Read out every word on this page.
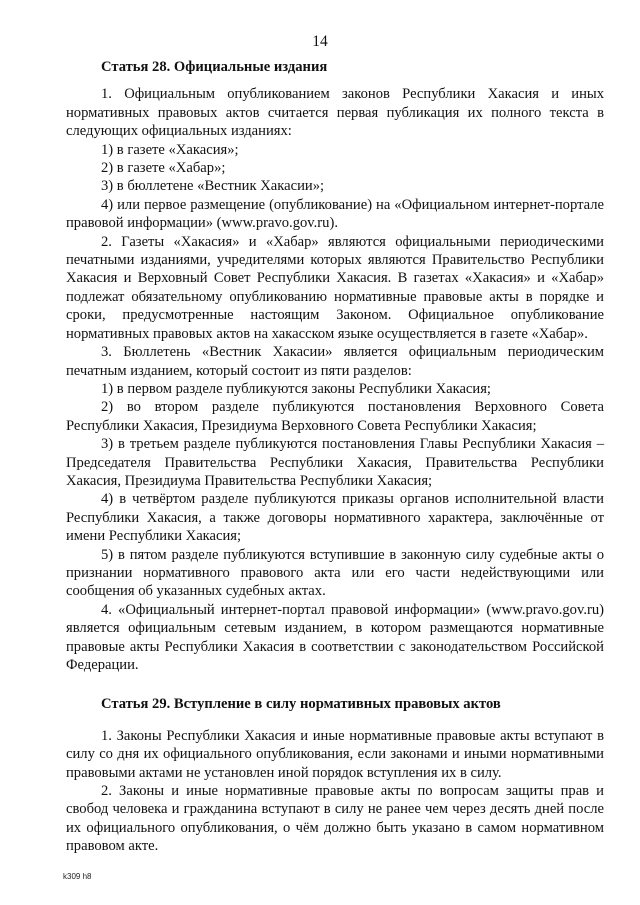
14
Статья 28. Официальные издания

1. Официальным опубликованием законов Республики Хакасия и иных нормативных правовых актов считается первая публикация их полного текста в следующих официальных изданиях:

1) в газете «Хакасия»;

2) в газете «Хабар»;

3) в бюллетене «Вестник Хакасии»;

4) или первое размещение (опубликование) на «Официальном интернет-портале правовой информации» (www.pravo.gov.ru).

2. Газеты «Хакасия» и «Хабар» являются официальными периодическими печатными изданиями, учредителями которых являются Правительство Республики Хакасия и Верховный Совет Республики Хакасия. В газетах «Хакасия» и «Хабар» подлежат обязательному опубликованию нормативные правовые акты в порядке и сроки, предусмотренные настоящим Законом. Официальное опубликование нормативных правовых актов на хакасском языке осуществляется в газете «Хабар».

3. Бюллетень «Вестник Хакасии» является официальным периодическим печатным изданием, который состоит из пяти разделов:

1) в первом разделе публикуются законы Республики Хакасия;

2) во втором разделе публикуются постановления Верховного Совета Республики Хакасия, Президиума Верховного Совета Республики Хакасия;

3) в третьем разделе публикуются постановления Главы Республики Хакасия – Председателя Правительства Республики Хакасия, Правительства Республики Хакасия, Президиума Правительства Республики Хакасия;

4) в четвёртом разделе публикуются приказы органов исполнительной власти Республики Хакасия, а также договоры нормативного характера, заключённые от имени Республики Хакасия;

5) в пятом разделе публикуются вступившие в законную силу судебные акты о признании нормативного правового акта или его части недействующими или сообщения об указанных судебных актах.

4. «Официальный интернет-портал правовой информации» (www.pravo.gov.ru) является официальным сетевым изданием, в котором размещаются нормативные правовые акты Республики Хакасия в соответствии с законодательством Российской Федерации.

Статья 29. Вступление в силу нормативных правовых актов

1. Законы Республики Хакасия и иные нормативные правовые акты вступают в силу со дня их официального опубликования, если законами и иными нормативными правовыми актами не установлен иной порядок вступления их в силу.

2. Законы и иные нормативные правовые акты по вопросам защиты прав и свобод человека и гражданина вступают в силу не ранее чем через десять дней после их официального опубликования, о чём должно быть указано в самом нормативном правовом акте.

k309 h8
